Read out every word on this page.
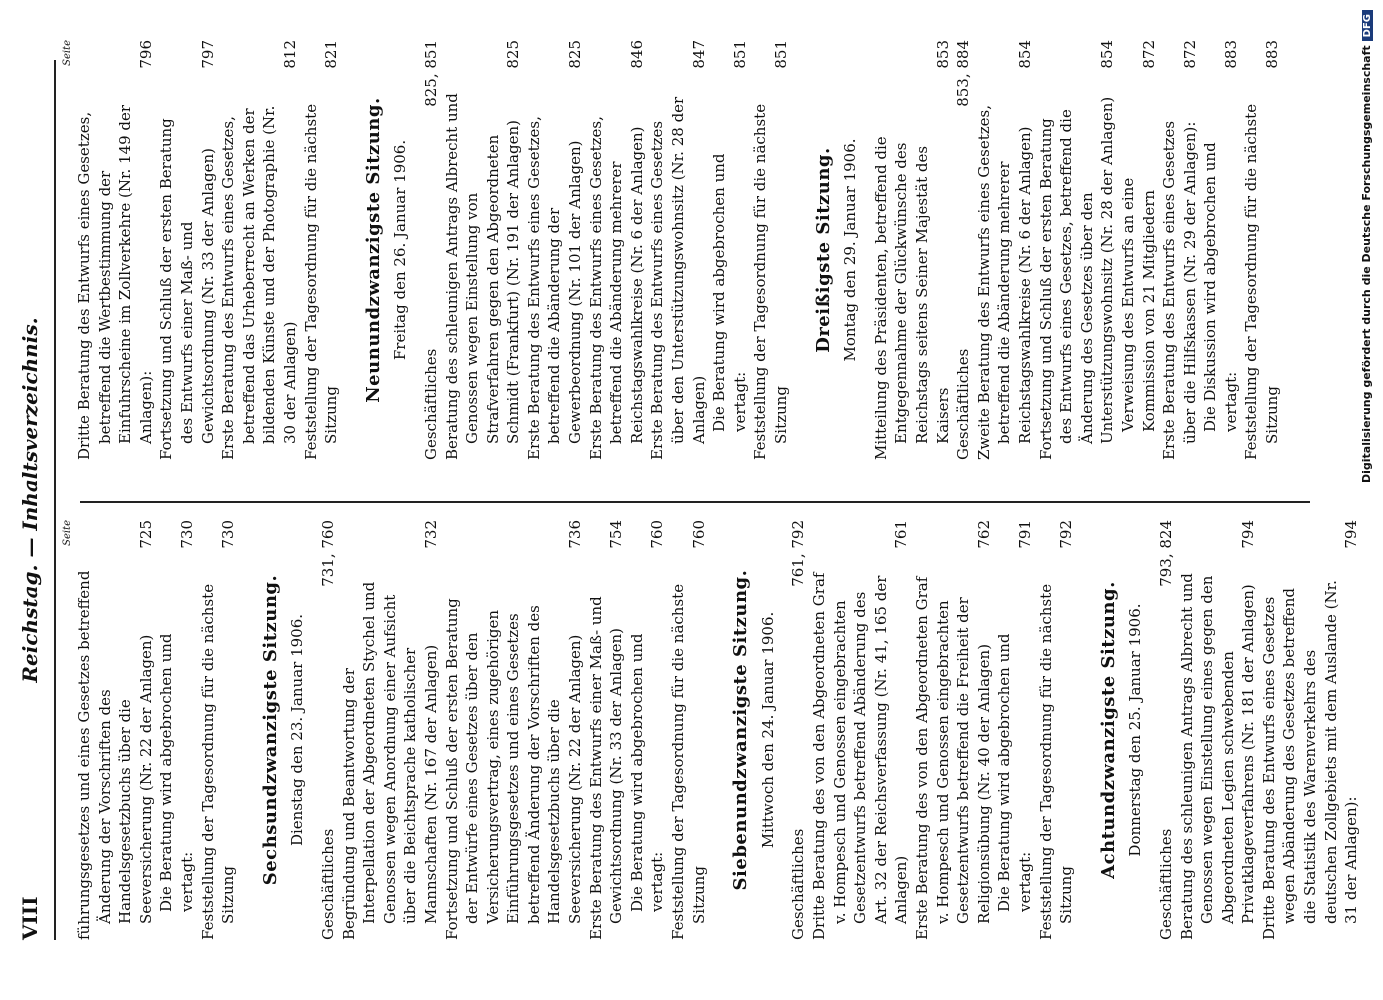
VIII
Reichstag. — Inhaltsverzeichnis. Seite
führungsgesetzes und eines Gesetzes betreffend Änderung der Vorschriften des Handelsgesetzbuchs über die Seeversicherung (Nr. 22 der Anlagen)
725
Die Beratung wird abgebrochen und vertagt:
730
Feststellung der Tagesordnung für die nächste Sitzung
730
Sechsundzwanzigste Sitzung. Dienstag den 23. Januar 1906.
Geschäftliches
731, 760
Begründung und Beantwortung der Interpellation der Abgeordneten Stychel und Genossen wegen Anordnung einer Aufsicht über die Beichtsprache katholischer Mannschaften (Nr. 167 der Anlagen)
732
Fortsetzung und Schluß der ersten Beratung der Entwürfe eines Gesetzes über den Versicherungsvertrag, eines zugehörigen Einführungsgesetzes und eines Gesetzes betreffend Änderung der Vorschriften des Handelsgesetzbuchs über die Seeversicherung (Nr. 22 der Anlagen)
736
Erste Beratung des Entwurfs einer Maß- und Gewichtsordnung (Nr. 33 der Anlagen)
754
Die Beratung wird abgebrochen und vertagt:
760
Feststellung der Tagesordnung für die nächste Sitzung
760
Siebenundzwanzigste Sitzung. Mittwoch den 24. Januar 1906.
Geschäftliches
761, 792
Dritte Beratung des von den Abgeordneten Graf v. Hompesch und Genossen eingebrachten Gesetzentwurfs betreffend Abänderung des Art. 32 der Reichsverfassung (Nr. 41, 165 der Anlagen)
761
Erste Beratung des von den Abgeordneten Graf v. Hompesch und Genossen eingebrachten Gesetzentwurfs betreffend die Freiheit der Religionsübung (Nr. 40 der Anlagen)
762
Die Beratung wird abgebrochen und vertagt:
791
Feststellung der Tagesordnung für die nächste Sitzung
792
Achtundzwanzigste Sitzung. Donnerstag den 25. Januar 1906.
Geschäftliches
793, 824
Beratung des schleunigen Antrags Albrecht und Genossen wegen Einstellung eines gegen den Abgeordneten Legien schwebenden Privatklageverfahrens (Nr. 181 der Anlagen)
794
Dritte Beratung des Entwurfs eines Gesetzes wegen Abänderung des Gesetzes betreffend die Statistik des Warenverkehrs des deutschen Zollgebiets mit dem Auslande (Nr. 31 der Anlagen):
794
Seite
Dritte Beratung des Entwurfs eines Gesetzes, betreffend die Wertbestimmung der Einfuhrscheine im Zollverkehre (Nr. 149 der Anlagen):
796
Fortsetzung und Schluß der ersten Beratung des Entwurfs einer Maß- und Gewichtsordnung (Nr. 33 der Anlagen)
797
Erste Beratung des Entwurfs eines Gesetzes, betreffend das Urheberrecht an Werken der bildenden Künste und der Photographie (Nr. 30 der Anlagen)
812
Feststellung der Tagesordnung für die nächste Sitzung
821
Neunundzwanzigste Sitzung. Freitag den 26. Januar 1906.
Geschäftliches
825, 851
Beratung des schleunigen Antrags Albrecht und Genossen wegen Einstellung von Strafverfahren gegen den Abgeordneten Schmidt (Frankfurt) (Nr. 191 der Anlagen)
825
Erste Beratung des Entwurfs eines Gesetzes, betreffend die Abänderung der Gewerbeordnung (Nr. 101 der Anlagen)
825
Erste Beratung des Entwurfs eines Gesetzes, betreffend die Abänderung mehrerer Reichstagswahlkreise (Nr. 6 der Anlagen)
846
Erste Beratung des Entwurfs eines Gesetzes über den Unterstützungswohnsitz (Nr. 28 der Anlagen)
847
Die Beratung wird abgebrochen und vertagt:
851
Feststellung der Tagesordnung für die nächste Sitzung
851
Dreißigste Sitzung. Montag den 29. Januar 1906. Mitteilung des Präsidenten, betreffend die Entgegennahme der Glückwünsche des Reichstags seitens Seiner Majestät des Kaisers
853
Geschäftliches
853, 884
Zweite Beratung des Entwurfs eines Gesetzes, betreffend die Abänderung mehrerer Reichstagswahlkreise (Nr. 6 der Anlagen)
854
Fortsetzung und Schluß der ersten Beratung des Entwurfs eines Gesetzes, betreffend die Änderung des Gesetzes über den Unterstützungswohnsitz (Nr. 28 der Anlagen)
854
Verweisung des Entwurfs an eine Kommission von 21 Mitgliedern
872
Erste Beratung des Entwurfs eines Gesetzes über die Hilfskassen (Nr. 29 der Anlagen):
872
Die Diskussion wird abgebrochen und vertagt:
883
Feststellung der Tagesordnung für die nächste Sitzung
883	Digitalisierung gefördert durch die Deutsche ForschungsgemeinschaftDFG
